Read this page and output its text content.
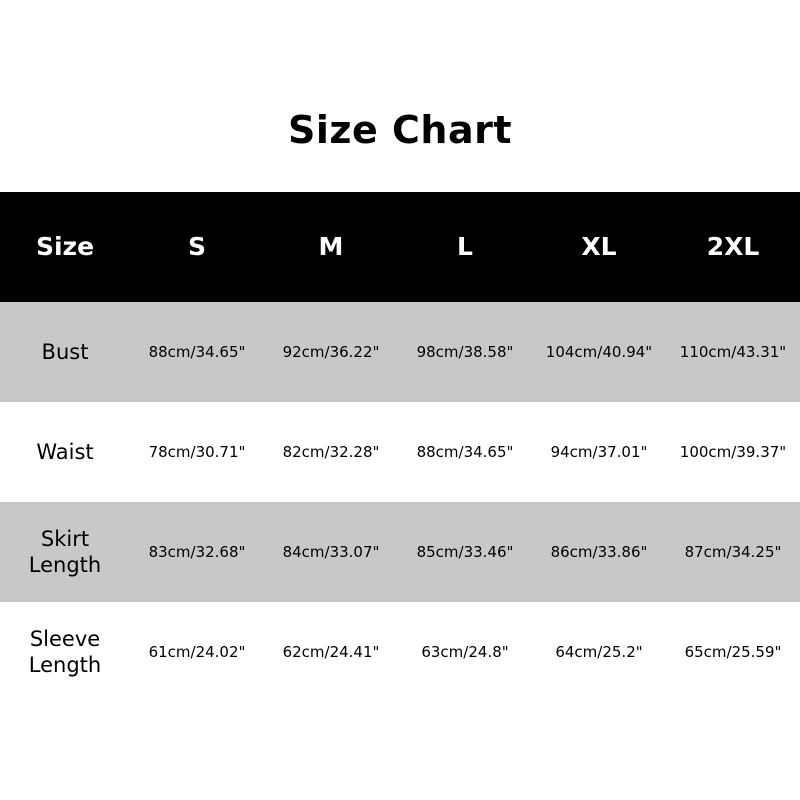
Size Chart
Size	S	M	L	XL	2XL
Bust	88cm/34.65"	92cm/36.22"	98cm/38.58"	104cm/40.94"	110cm/43.31"
Waist	78cm/30.71"	82cm/32.28"	88cm/34.65"	94cm/37.01"	100cm/39.37"
Skirt Length	83cm/32.68"	84cm/33.07"	85cm/33.46"	86cm/33.86"	87cm/34.25"
Sleeve Length	61cm/24.02"	62cm/24.41"	63cm/24.8"	64cm/25.2"	65cm/25.59"
